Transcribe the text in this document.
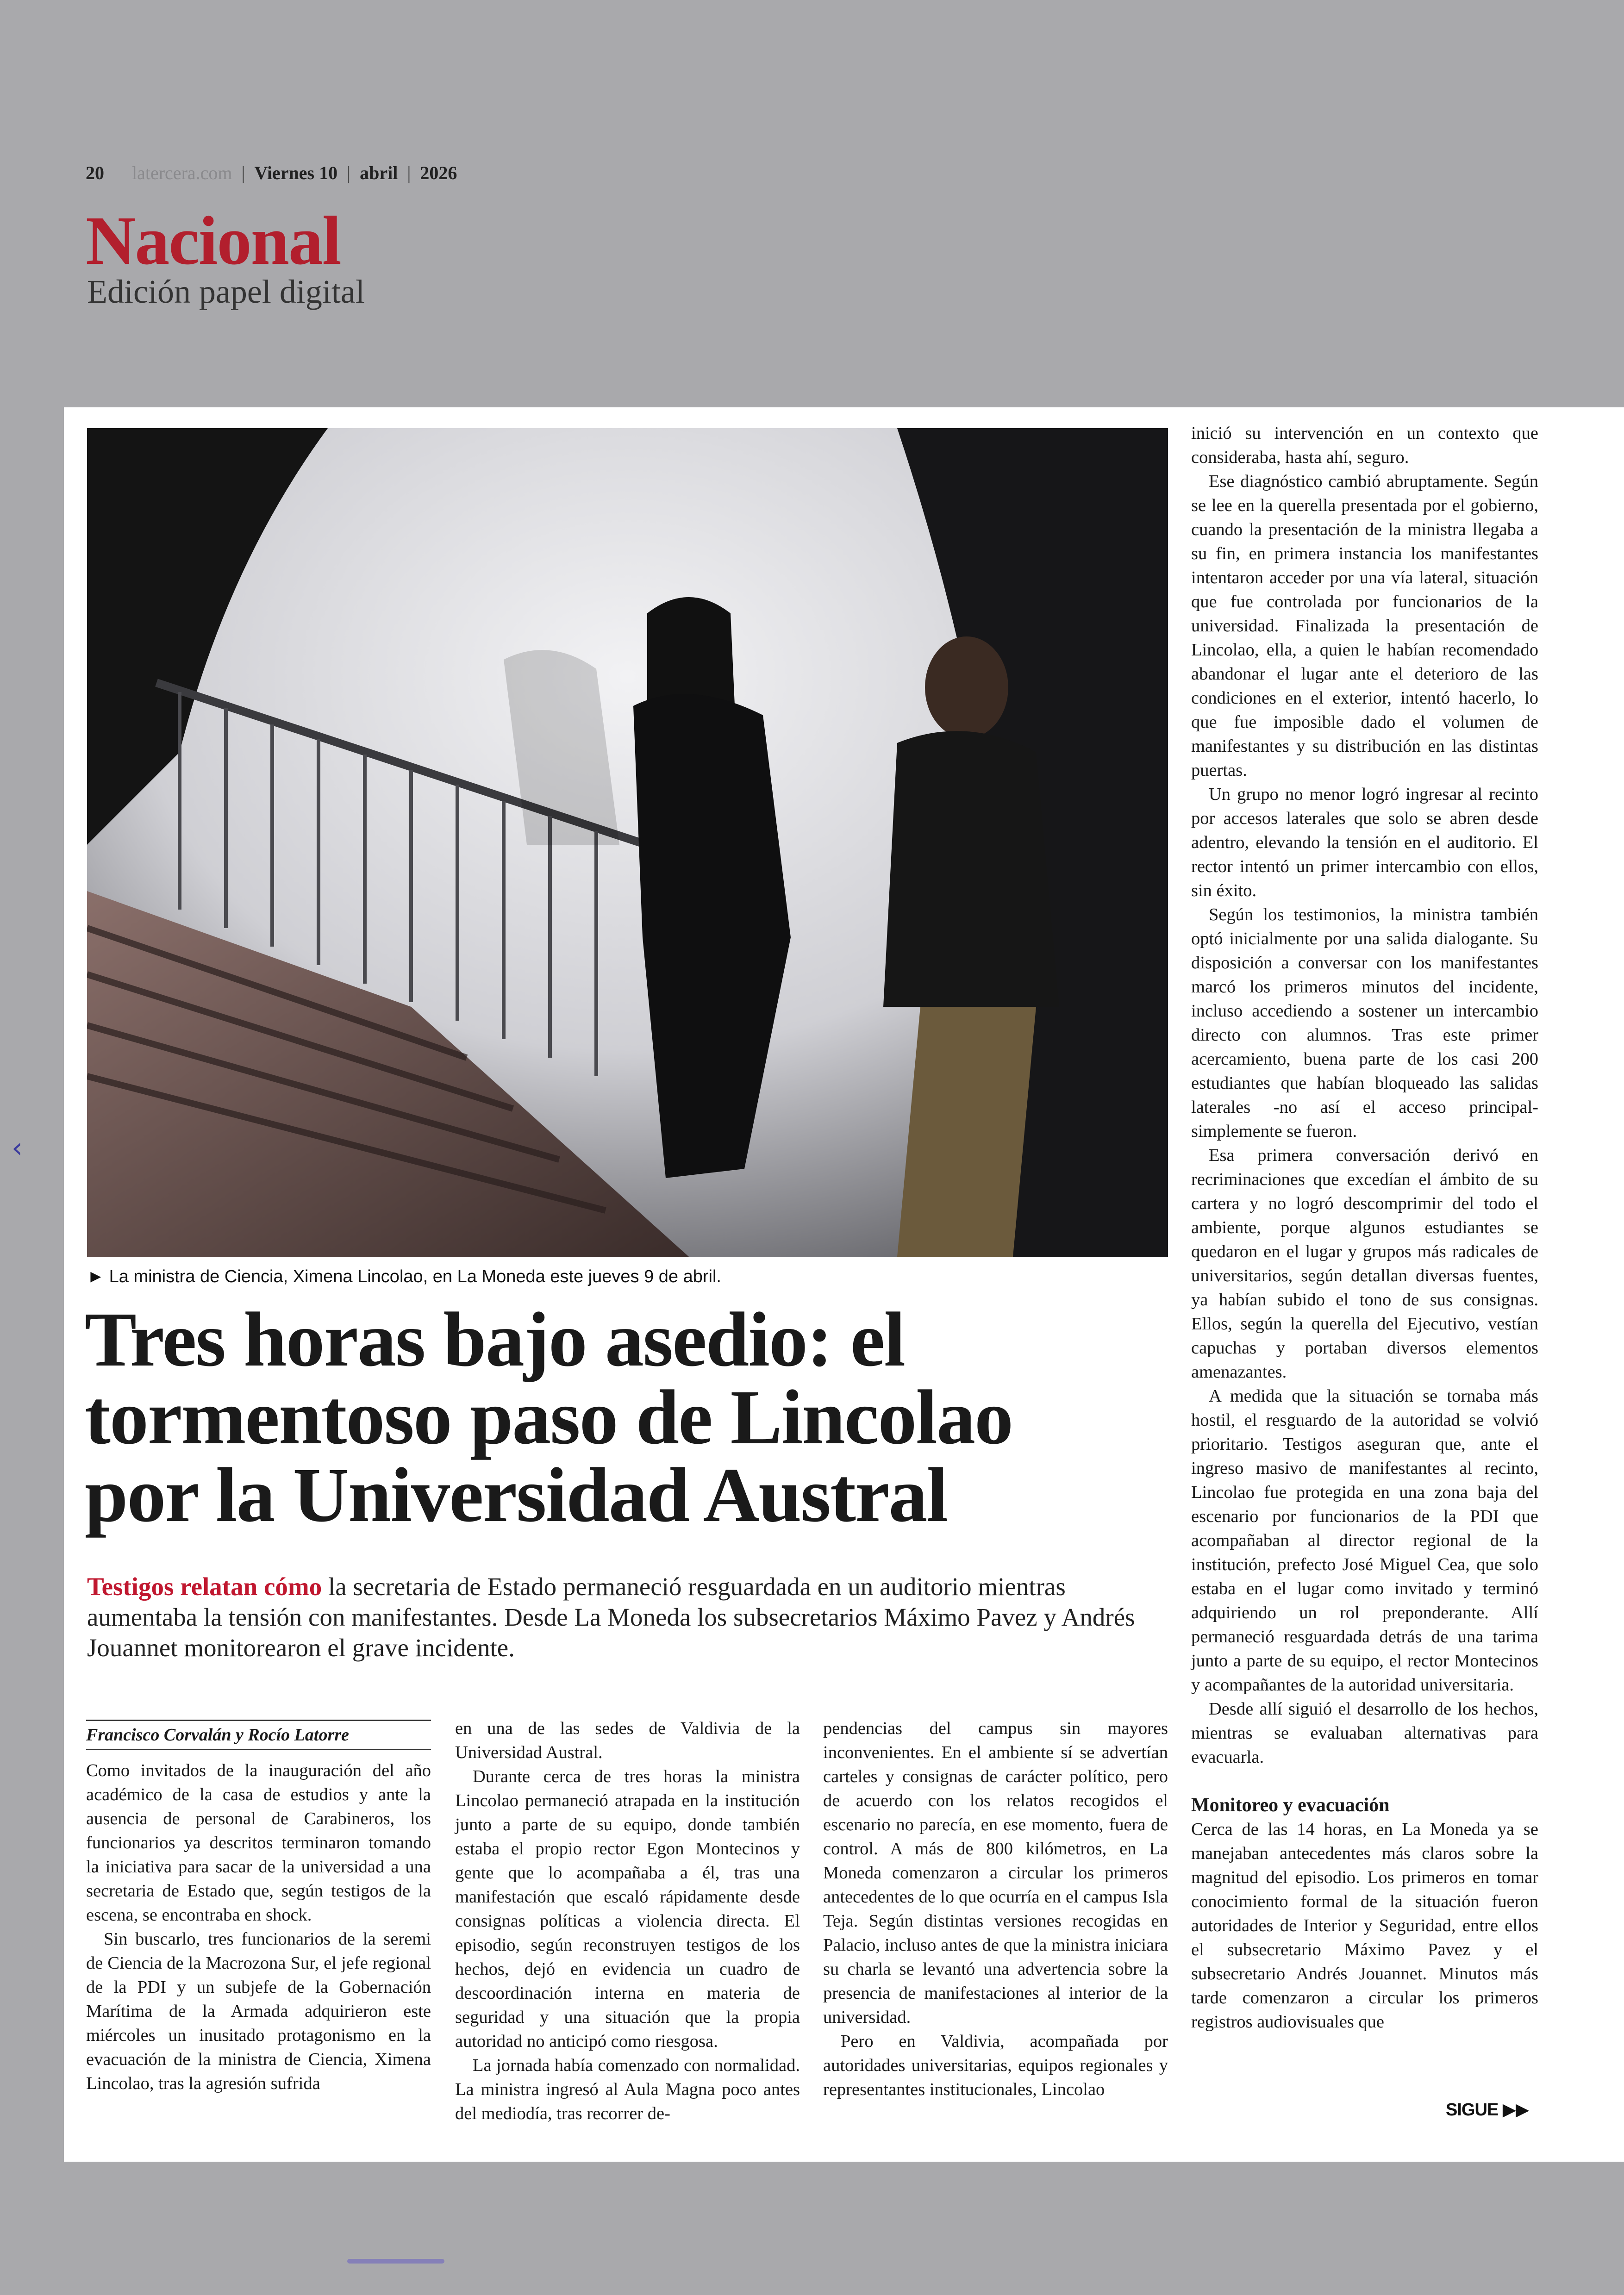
20 latercera.com | Viernes 10 | abril | 2026
Nacional
Edición papel digital
‹
► La ministra de Ciencia, Ximena Lincolao, en La Moneda este jueves 9 de abril.
Tres horas bajo asedio: el
tormentoso paso de Lincolao
por la Universidad Austral
Testigos relatan cómo la secretaria de Estado permaneció resguardada en un auditorio mientras aumentaba la tensión con manifestantes. Desde La Moneda los subsecretarios Máximo Pavez y Andrés Jouannet monitorearon el grave incidente.
Francisco Corvalán y Rocío Latorre

Como invitados de la inauguración del año académico de la casa de estudios y ante la ausencia de personal de Carabineros, los funcionarios ya descritos terminaron tomando la iniciativa para sacar de la universidad a una secretaria de Estado que, según testigos de la escena, se encontraba en shock.

Sin buscarlo, tres funcionarios de la seremi de Ciencia de la Macrozona Sur, el jefe regional de la PDI y un subjefe de la Gobernación Marítima de la Armada adquirieron este miércoles un inusitado protagonismo en la evacuación de la ministra de Ciencia, Ximena Lincolao, tras la agresión sufrida

en una de las sedes de Valdivia de la Universidad Austral.

Durante cerca de tres horas la ministra Lincolao permaneció atrapada en la institución junto a parte de su equipo, donde también estaba el propio rector Egon Montecinos y gente que lo acompañaba a él, tras una manifestación que escaló rápidamente desde consignas políticas a violencia directa. El episodio, según reconstruyen testigos de los hechos, dejó en evidencia un cuadro de descoordinación interna en materia de seguridad y una situación que la propia autoridad no anticipó como riesgosa.

La jornada había comenzado con normalidad. La ministra ingresó al Aula Magna poco antes del mediodía, tras recorrer de-

pendencias del campus sin mayores inconvenientes. En el ambiente sí se advertían carteles y consignas de carácter político, pero de acuerdo con los relatos recogidos el escenario no parecía, en ese momento, fuera de control. A más de 800 kilómetros, en La Moneda comenzaron a circular los primeros antecedentes de lo que ocurría en el campus Isla Teja. Según distintas versiones recogidas en Palacio, incluso antes de que la ministra iniciara su charla se levantó una advertencia sobre la presencia de manifestaciones al interior de la universidad.

Pero en Valdivia, acompañada por autoridades universitarias, equipos regionales y representantes institucionales, Lincolao

inició su intervención en un contexto que consideraba, hasta ahí, seguro.

Ese diagnóstico cambió abruptamente. Según se lee en la querella presentada por el gobierno, cuando la presentación de la ministra llegaba a su fin, en primera instancia los manifestantes intentaron acceder por una vía lateral, situación que fue controlada por funcionarios de la universidad. Finalizada la presentación de Lincolao, ella, a quien le habían recomendado abandonar el lugar ante el deterioro de las condiciones en el exterior, intentó hacerlo, lo que fue imposible dado el volumen de manifestantes y su distribución en las distintas puertas.

Un grupo no menor logró ingresar al recinto por accesos laterales que solo se abren desde adentro, elevando la tensión en el auditorio. El rector intentó un primer intercambio con ellos, sin éxito.

Según los testimonios, la ministra también optó inicialmente por una salida dialogante. Su disposición a conversar con los manifestantes marcó los primeros minutos del incidente, incluso accediendo a sostener un intercambio directo con alumnos. Tras este primer acercamiento, buena parte de los casi 200 estudiantes que habían bloqueado las salidas laterales -no así el acceso principal- simplemente se fueron.

Esa primera conversación derivó en recriminaciones que excedían el ámbito de su cartera y no logró descomprimir del todo el ambiente, porque algunos estudiantes se quedaron en el lugar y grupos más radicales de universitarios, según detallan diversas fuentes, ya habían subido el tono de sus consignas. Ellos, según la querella del Ejecutivo, vestían capuchas y portaban diversos elementos amenazantes.

A medida que la situación se tornaba más hostil, el resguardo de la autoridad se volvió prioritario. Testigos aseguran que, ante el ingreso masivo de manifestantes al recinto, Lincolao fue protegida en una zona baja del escenario por funcionarios de la PDI que acompañaban al director regional de la institución, prefecto José Miguel Cea, que solo estaba en el lugar como invitado y terminó adquiriendo un rol preponderante. Allí permaneció resguardada detrás de una tarima junto a parte de su equipo, el rector Montecinos y acompañantes de la autoridad universitaria.

Desde allí siguió el desarrollo de los hechos, mientras se evaluaban alternativas para evacuarla.

Monitoreo y evacuación

Cerca de las 14 horas, en La Moneda ya se manejaban antecedentes más claros sobre la magnitud del episodio. Los primeros en tomar conocimiento formal de la situación fueron autoridades de Interior y Seguridad, entre ellos el subsecretario Máximo Pavez y el subsecretario Andrés Jouannet. Minutos más tarde comenzaron a circular los primeros registros audiovisuales que

SIGUE ▶▶
